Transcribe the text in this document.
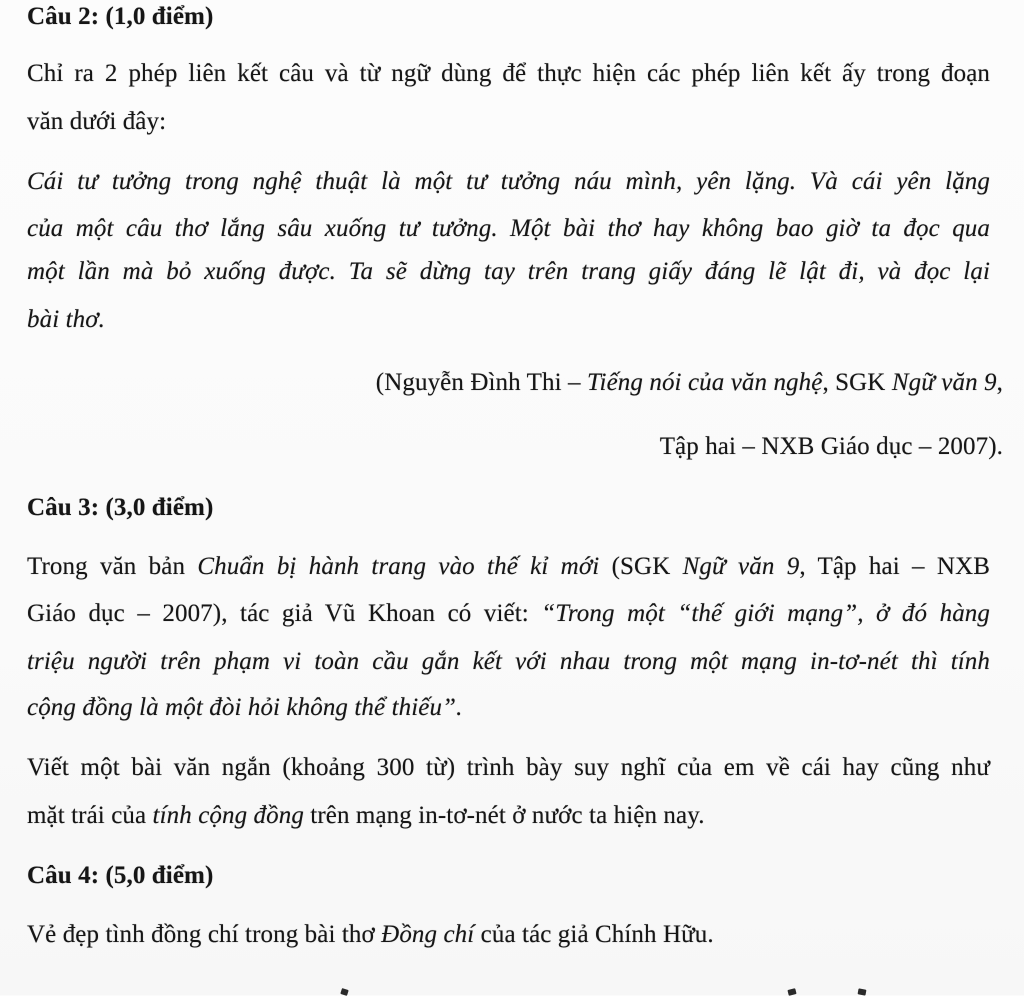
Câu 2: (1,0 điểm)
Chỉ ra 2 phép liên kết câu và từ ngữ dùng để thực hiện các phép liên kết ấy trong đoạn
văn dưới đây:
Cái tư tưởng trong nghệ thuật là một tư tưởng náu mình, yên lặng. Và cái yên lặng
của một câu thơ lắng sâu xuống tư tưởng. Một bài thơ hay không bao giờ ta đọc qua
một lần mà bỏ xuống được. Ta sẽ dừng tay trên trang giấy đáng lẽ lật đi, và đọc lại
bài thơ.
(Nguyễn Đình Thi – Tiếng nói của văn nghệ, SGK Ngữ văn 9,
Tập hai – NXB Giáo dục – 2007).
Câu 3: (3,0 điểm)
Trong văn bản Chuẩn bị hành trang vào thế kỉ mới (SGK Ngữ văn 9, Tập hai – NXB
Giáo dục – 2007), tác giả Vũ Khoan có viết: “Trong một “thế giới mạng”, ở đó hàng
triệu người trên phạm vi toàn cầu gắn kết với nhau trong một mạng in-tơ-nét thì tính
cộng đồng là một đòi hỏi không thể thiếu”.
Viết một bài văn ngắn (khoảng 300 từ) trình bày suy nghĩ của em về cái hay cũng như
mặt trái của tính cộng đồng trên mạng in-tơ-nét ở nước ta hiện nay.
Câu 4: (5,0 điểm)
Vẻ đẹp tình đồng chí trong bài thơ Đồng chí của tác giả Chính Hữu.
